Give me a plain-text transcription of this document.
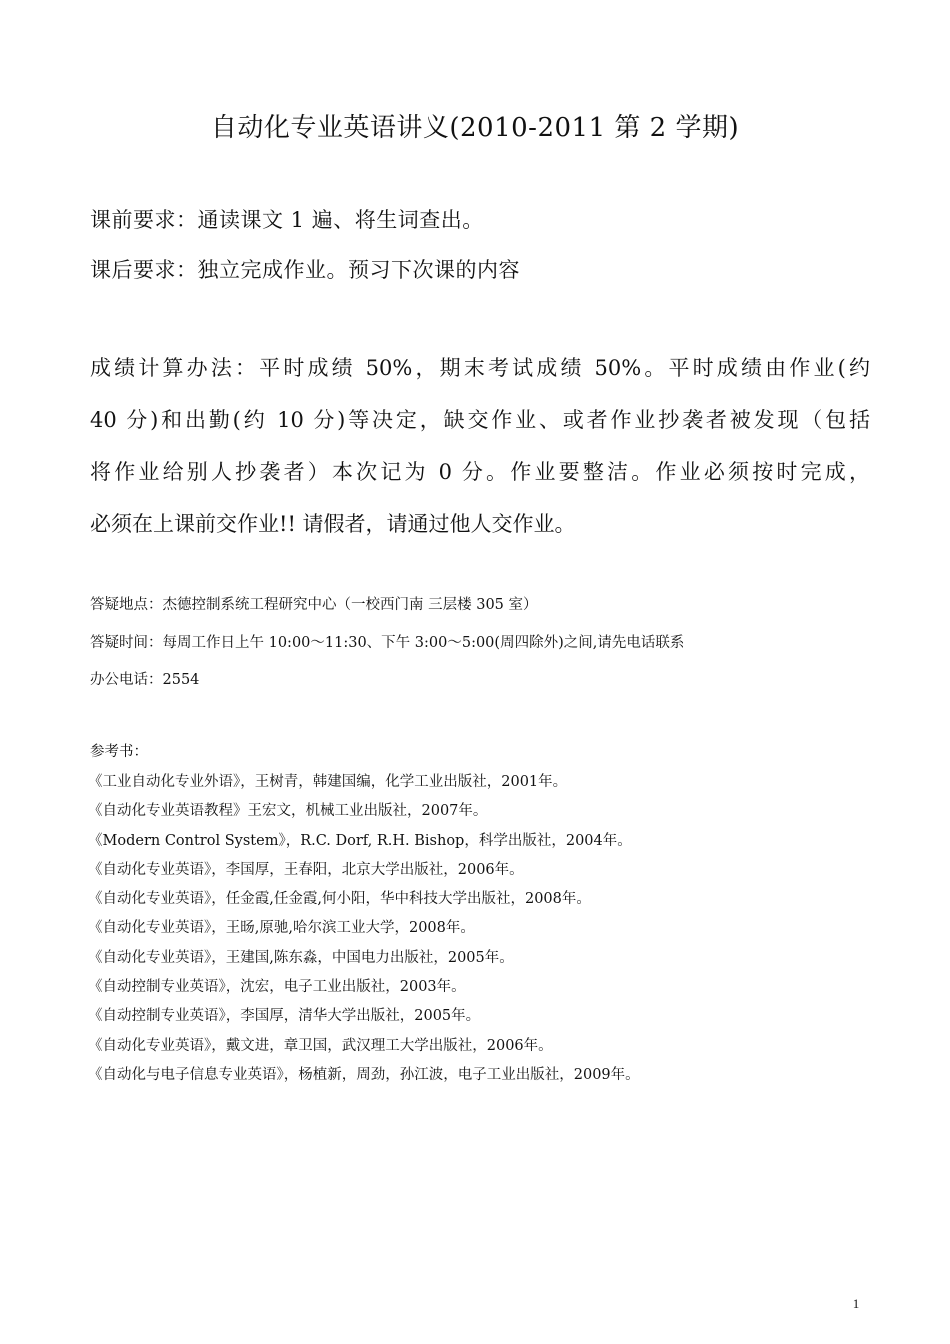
自动化专业英语讲义(2010-2011 第 2 学期)
课前要求：通读课文 1 遍、将生词查出。
课后要求：独立完成作业。预习下次课的内容
成绩计算办法：平时成绩 50%，期末考试成绩 50%。平时成绩由作业(约
40 分)和出勤(约 10 分)等决定，缺交作业、或者作业抄袭者被发现（包括
将作业给别人抄袭者）本次记为 0 分。作业要整洁。作业必须按时完成，
必须在上课前交作业!! 请假者，请通过他人交作业。
答疑地点：杰德控制系统工程研究中心（一校西门南 三层楼 305 室）
答疑时间：每周工作日上午 10:00～11:30、下午 3:00～5:00(周四除外)之间,请先电话联系
办公电话：2554
参考书：
《工业自动化专业外语》，王树青，韩建国编，化学工业出版社，2001年。
《自动化专业英语教程》王宏文，机械工业出版社，2007年。
《Modern Control System》，R.C. Dorf, R.H. Bishop，科学出版社，2004年。
《自动化专业英语》，李国厚，王春阳，北京大学出版社，2006年。
《自动化专业英语》，任金霞,任金霞,何小阳，华中科技大学出版社，2008年。
《自动化专业英语》，王旸,原驰,哈尔滨工业大学，2008年。
《自动化专业英语》，王建国,陈东淼，中国电力出版社，2005年。
《自动控制专业英语》，沈宏，电子工业出版社，2003年。
《自动控制专业英语》，李国厚，清华大学出版社，2005年。
《自动化专业英语》，戴文进，章卫国，武汉理工大学出版社，2006年。
《自动化与电子信息专业英语》，杨植新，周劲，孙江波，电子工业出版社，2009年。
1
